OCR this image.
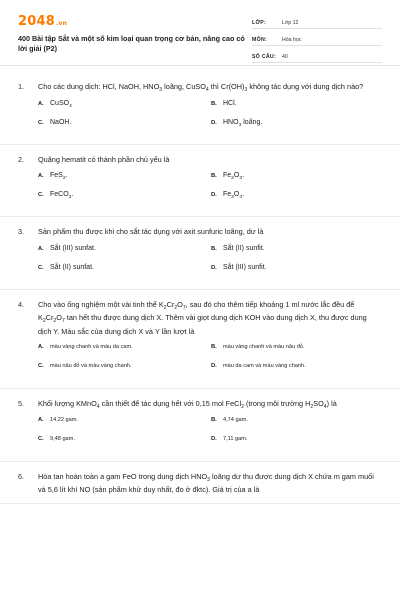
2048.vn
400 Bài tập Sắt và một số kim loại quan trọng cơ bản, nâng cao có lời giải (P2)
LỚP:	Lớp 12
MÔN:	Hóa học
SỐ CÂU: 40
1. Cho các dung dịch: HCl, NaOH, $HNO_3$ loãng, CuSO$_4$ thì $Cr(OH)_3$ không tác dụng với dung dịch nào?
A. CuSO$_4$	B. HCl.
C. NaOH.	D. $HNO_3$ loãng.
2. Quặng hematit có thành phần chủ yếu là
A. FeS$_2$.	B. $Fe_2O_3$.
C. FeCO$_3$.	D. $Fe_3O_4$.
3. Sản phẩm thu được khi cho sắt tác dụng với axit sunfuric loãng, dư là
A. Sắt (III) sunfat.	B. Sắt (II) sunfit.
C. Sắt (II) sunfat.	D. Sắt (III) sunfit.
4. Cho vào ống nghiệm một vài tinh thể $K_2Cr_2O_7$, sau đó cho thêm tiếp khoảng 1 ml nước lắc đều để $K_2Cr_2O_7$ tan hết thu được dung dịch X. Thêm vài giọt dung dịch KOH vào dung dịch X, thu được dung dịch Y. Màu sắc của dung dịch X và Y lần lượt là
A. màu vàng chanh và màu da cam.	B. màu vàng chanh và màu nâu đỏ.
C. màu nâu đỏ và màu vàng chanh.	D. màu da cam và màu vàng chanh.
5. Khối lượng KMnO$_4$ cần thiết để tác dụng hết với 0,15 mol FeCl$_2$ (trong môi trường $H_2SO_4$) là
A. 14,22 gam.	B. 4,74 gam.
C. 9,48 gam.	D. 7,11 gam.
6. Hòa tan hoàn toàn a gam FeO trong dung dịch $HNO_3$ loãng dư thu được dung dịch X chứa m gam muối và 5,6 lít khí NO (sản phẩm khử duy nhất, đo ở đktc). Giá trị của a là
